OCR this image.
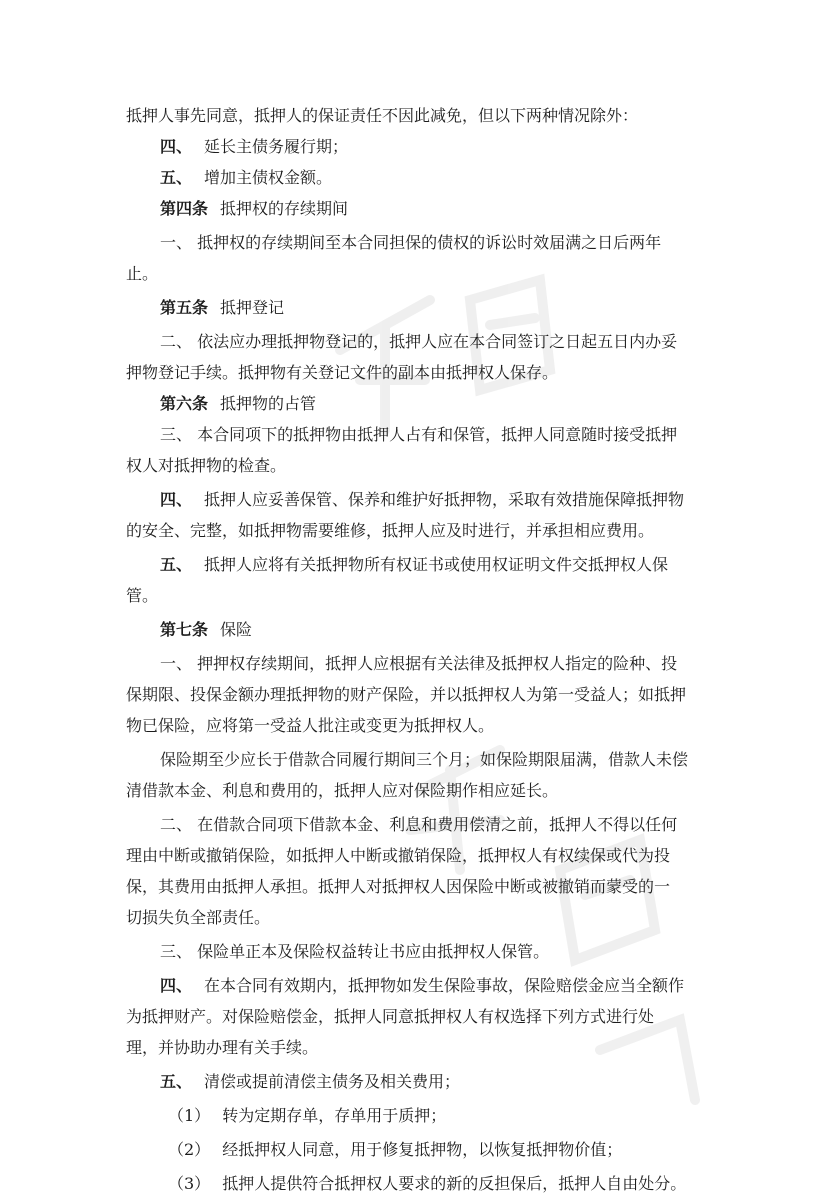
抵押人事先同意，抵押人的保证责任不因此减免，但以下两种情况除外：
四、 延长主债务履行期；
五、 增加主债权金额。
第四条 抵押权的存续期间
一、 抵押权的存续期间至本合同担保的债权的诉讼时效届满之日后两年
止。
第五条 抵押登记
二、 依法应办理抵押物登记的，抵押人应在本合同签订之日起五日内办妥
押物登记手续。抵押物有关登记文件的副本由抵押权人保存。
第六条 抵押物的占管
三、 本合同项下的抵押物由抵押人占有和保管，抵押人同意随时接受抵押
权人对抵押物的检查。
四、 抵押人应妥善保管、保养和维护好抵押物，采取有效措施保障抵押物
的安全、完整，如抵押物需要维修，抵押人应及时进行，并承担相应费用。
五、 抵押人应将有关抵押物所有权证书或使用权证明文件交抵押权人保
管。
第七条 保险
一、 押押权存续期间，抵押人应根据有关法律及抵押权人指定的险种、投
保期限、投保金额办理抵押物的财产保险，并以抵押权人为第一受益人；如抵押
物已保险，应将第一受益人批注或变更为抵押权人。
保险期至少应长于借款合同履行期间三个月；如保险期限届满，借款人未偿
清借款本金、利息和费用的，抵押人应对保险期作相应延长。
二、 在借款合同项下借款本金、利息和费用偿清之前，抵押人不得以任何
理由中断或撤销保险，如抵押人中断或撤销保险，抵押权人有权续保或代为投
保，其费用由抵押人承担。抵押人对抵押权人因保险中断或被撤销而蒙受的一
切损失负全部责任。
三、 保险单正本及保险权益转让书应由抵押权人保管。
四、 在本合同有效期内，抵押物如发生保险事故，保险赔偿金应当全额作
为抵押财产。对保险赔偿金，抵押人同意抵押权人有权选择下列方式进行处
理，并协助办理有关手续。
五、 清偿或提前清偿主债务及相关费用；
（1） 转为定期存单，存单用于质押；
（2） 经抵押权人同意，用于修复抵押物，以恢复抵押物价值；
（3） 抵押人提供符合抵押权人要求的新的反担保后，抵押人自由处分。
